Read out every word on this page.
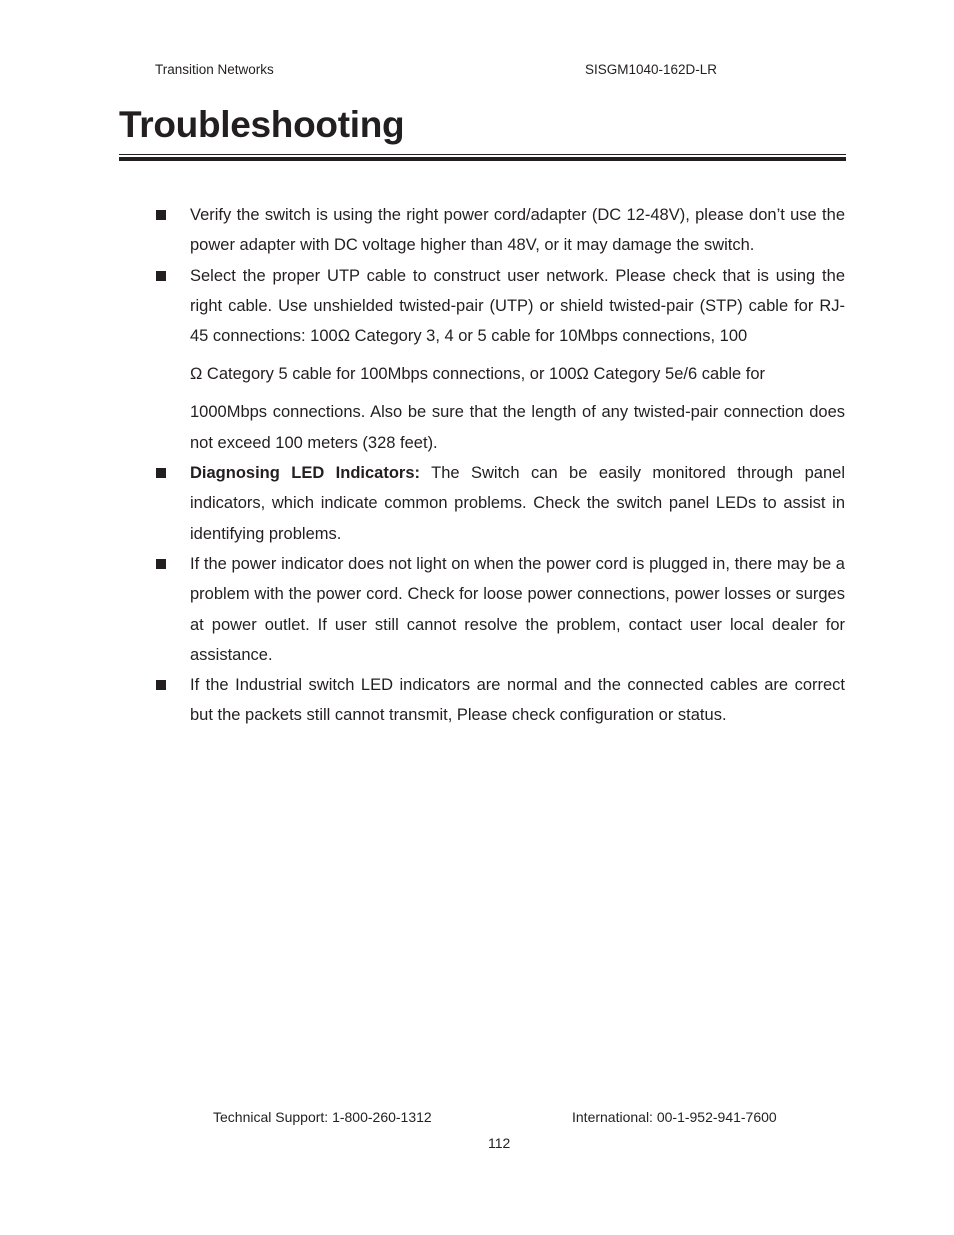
Transition Networks	SISGM1040-162D-LR
Troubleshooting
Verify the switch is using the right power cord/adapter (DC 12-48V), please don’t use the power adapter with DC voltage higher than 48V, or it may damage the switch.
Select the proper UTP cable to construct user network. Please check that is using the right cable. Use unshielded twisted-pair (UTP) or shield twisted-pair (STP) cable for RJ-45 connections: 100Ω Category 3, 4 or 5 cable for 10Mbps connections, 100
Ω Category 5 cable for 100Mbps connections, or 100Ω Category 5e/6 cable for
1000Mbps connections. Also be sure that the length of any twisted-pair connection does not exceed 100 meters (328 feet).
Diagnosing LED Indicators: The Switch can be easily monitored through panel indicators, which indicate common problems. Check the switch panel LEDs to assist in identifying problems.
If the power indicator does not light on when the power cord is plugged in, there may be a problem with the power cord. Check for loose power connections, power losses or surges at power outlet. If user still cannot resolve the problem, contact user local dealer for assistance.
If the Industrial switch LED indicators are normal and the connected cables are correct but the packets still cannot transmit, Please check configuration or status.
Technical Support: 1-800-260-1312	International: 00-1-952-941-7600
112
